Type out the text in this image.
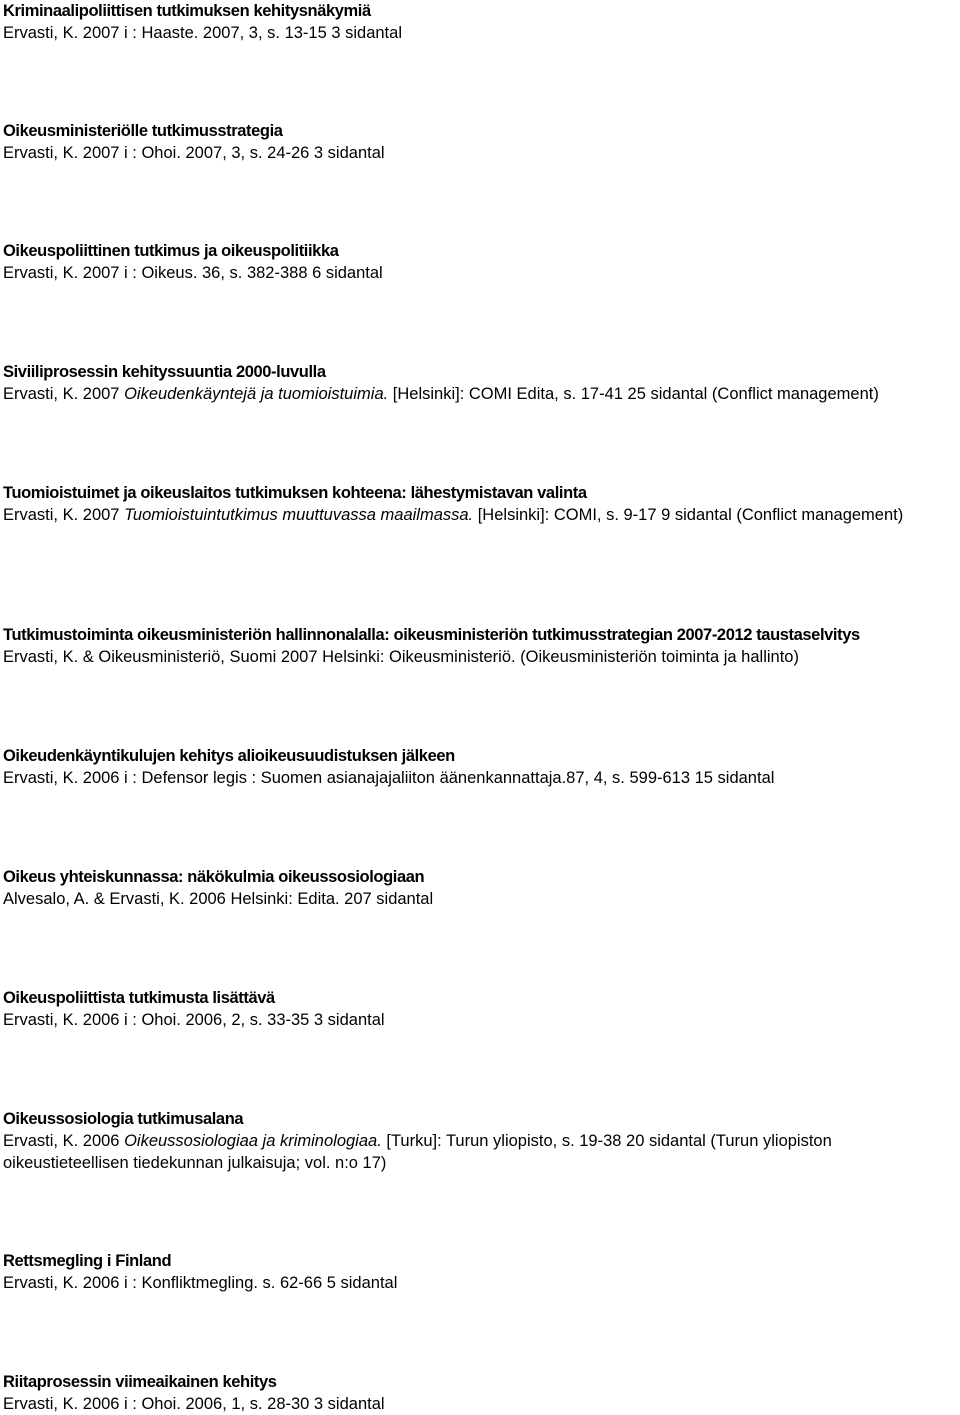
Kriminaalipoliittisen tutkimuksen kehitysnäkymiä
Ervasti, K. 2007 i : Haaste. 2007, 3, s. 13-15 3 sidantal
Oikeusministeriölle tutkimusstrategia
Ervasti, K. 2007 i : Ohoi. 2007, 3, s. 24-26 3 sidantal
Oikeuspoliittinen tutkimus ja oikeuspolitiikka
Ervasti, K. 2007 i : Oikeus. 36, s. 382-388 6 sidantal
Siviiliprosessin kehityssuuntia 2000-luvulla
Ervasti, K. 2007 Oikeudenkäyntejä ja tuomioistuimia. [Helsinki]: COMI Edita, s. 17-41 25 sidantal (Conflict management)
Tuomioistuimet ja oikeuslaitos tutkimuksen kohteena: lähestymistavan valinta
Ervasti, K. 2007 Tuomioistuintutkimus muuttuvassa maailmassa. [Helsinki]: COMI, s. 9-17 9 sidantal (Conflict management)
Tutkimustoiminta oikeusministeriön hallinnonalalla: oikeusministeriön tutkimusstrategian 2007-2012 taustaselvitys
Ervasti, K. & Oikeusministeriö, Suomi 2007 Helsinki: Oikeusministeriö. (Oikeusministeriön toiminta ja hallinto)
Oikeudenkäyntikulujen kehitys alioikeusuudistuksen jälkeen
Ervasti, K. 2006 i : Defensor legis : Suomen asianajajaliiton äänenkannattaja.87, 4, s. 599-613 15 sidantal
Oikeus yhteiskunnassa: näkökulmia oikeussosiologiaan
Alvesalo, A. & Ervasti, K. 2006 Helsinki: Edita. 207 sidantal
Oikeuspoliittista tutkimusta lisättävä
Ervasti, K. 2006 i : Ohoi. 2006, 2, s. 33-35 3 sidantal
Oikeussosiologia tutkimusalana
Ervasti, K. 2006 Oikeussosiologiaa ja kriminologiaa. [Turku]: Turun yliopisto, s. 19-38 20 sidantal (Turun yliopiston oikeustieteellisen tiedekunnan julkaisuja; vol. n:o 17)
Rettsmegling i Finland
Ervasti, K. 2006 i : Konfliktmegling. s. 62-66 5 sidantal
Riitaprosessin viimeaikainen kehitys
Ervasti, K. 2006 i : Ohoi. 2006, 1, s. 28-30 3 sidantal
